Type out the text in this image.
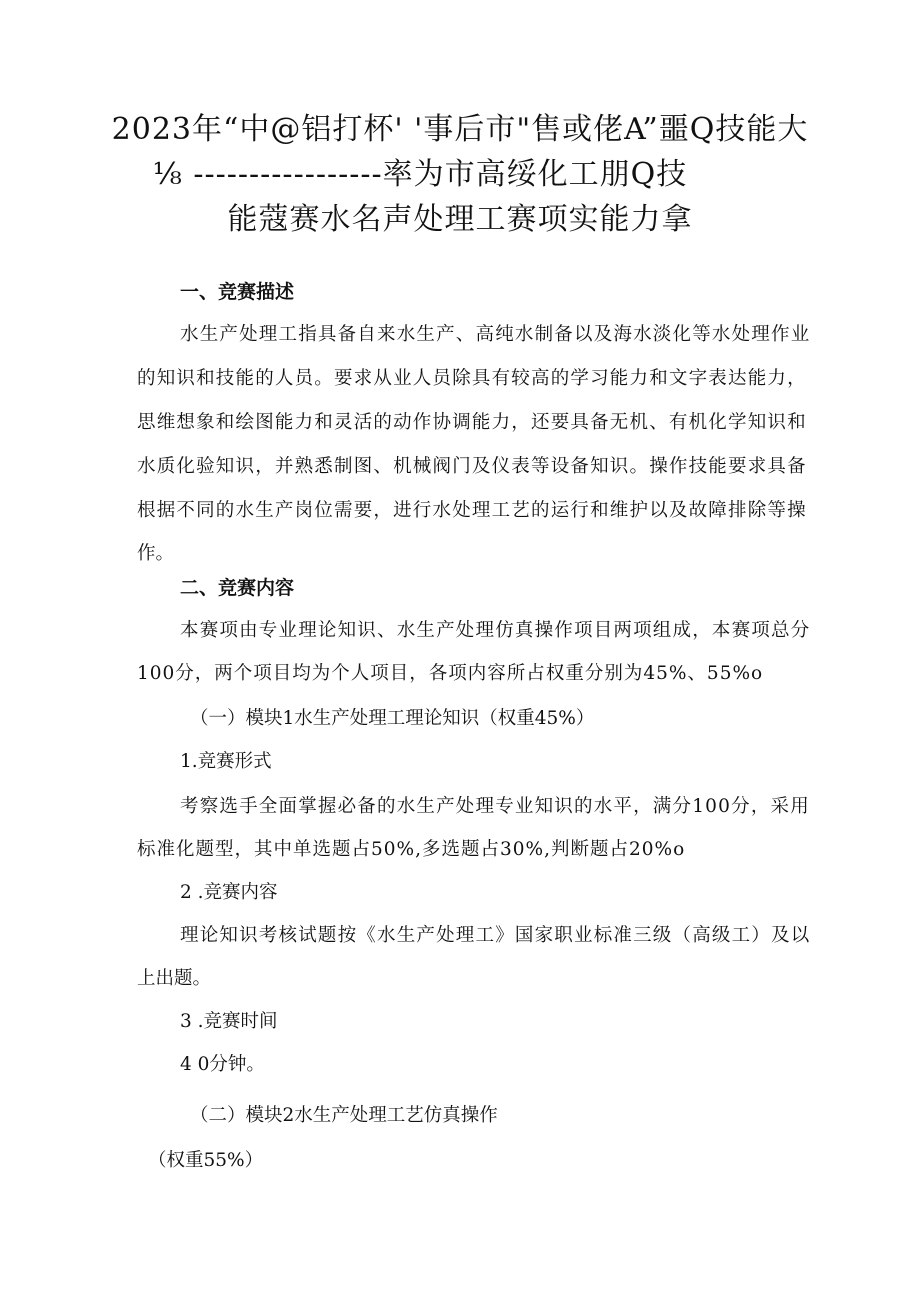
2023年“中@铝打杯' '事后市"售或佬A”噩Q技能大
⅛ -----------------率为市高绥化工朋Q技
能蔻赛水名声处理工赛项实能力拿
一、竞赛描述
水生产处理工指具备自来水生产、高纯水制备以及海水淡化等水处理作业
的知识和技能的人员。要求从业人员除具有较高的学习能力和文字表达能力，
思维想象和绘图能力和灵活的动作协调能力，还要具备无机、有机化学知识和
水质化验知识，并熟悉制图、机械阀门及仪表等设备知识。操作技能要求具备
根据不同的水生产岗位需要，进行水处理工艺的运行和维护以及故障排除等操
作。
二、竞赛内容
本赛项由专业理论知识、水生产处理仿真操作项目两项组成，本赛项总分
100分，两个项目均为个人项目，各项内容所占权重分别为45%、55%o
（一）模块1水生产处理工理论知识（权重45%）
1.竞赛形式
考察选手全面掌握必备的水生产处理专业知识的水平，满分100分，采用
标准化题型，其中单选题占50%,多选题占30%,判断题占20%o
2 .竞赛内容
理论知识考核试题按《水生产处理工》国家职业标准三级（高级工）及以
上出题。
3 .竞赛时间
4 0分钟。
（二）模块2水生产处理工艺仿真操作
（权重55%）
